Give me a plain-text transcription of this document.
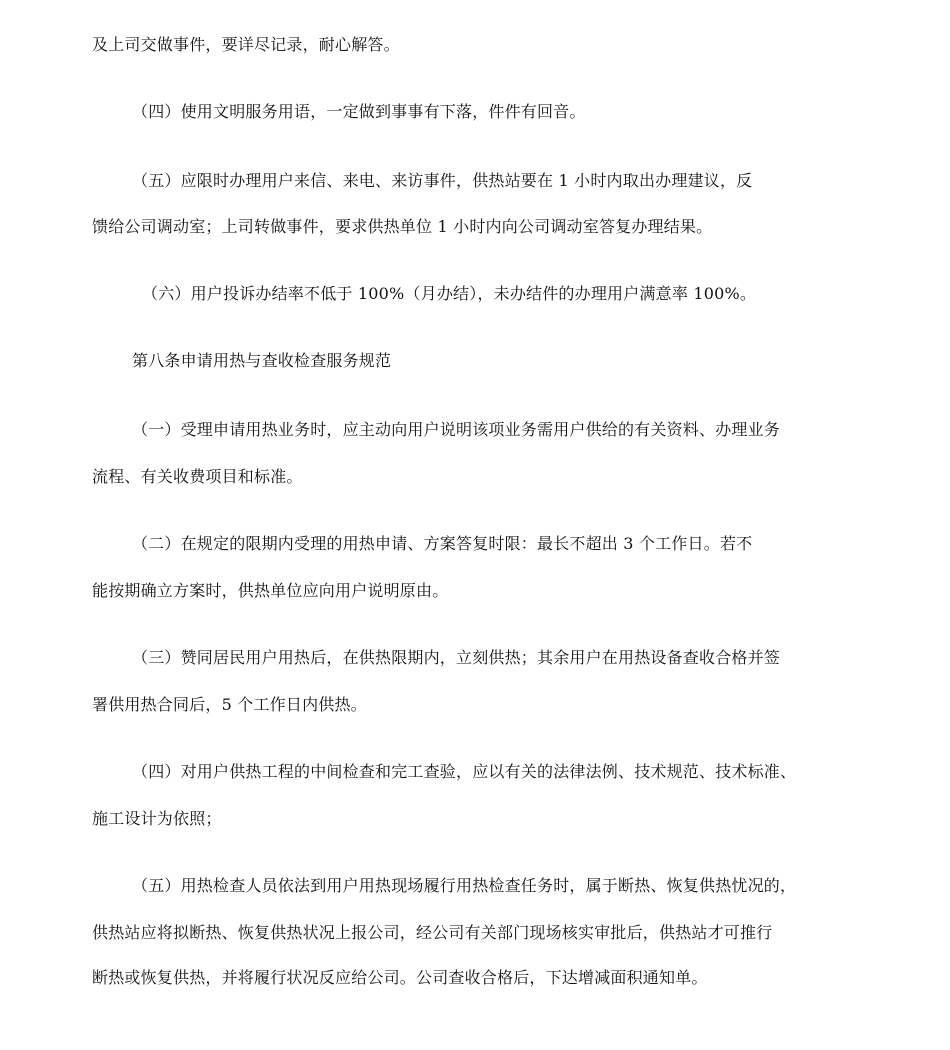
及上司交做事件，要详尽记录，耐心解答。
（四）使用文明服务用语，一定做到事事有下落，件件有回音。
（五）应限时办理用户来信、来电、来访事件，供热站要在 1 小时内取出办理建议，反
馈给公司调动室；上司转做事件，要求供热单位 1 小时内向公司调动室答复办理结果。
（六）用户投诉办结率不低于 100%（月办结），未办结件的办理用户满意率 100%。
第八条申请用热与查收检查服务规范
（一）受理申请用热业务时，应主动向用户说明该项业务需用户供给的有关资料、办理业务
流程、有关收费项目和标准。
（二）在规定的限期内受理的用热申请、方案答复时限：最长不超出 3 个工作日。若不
能按期确立方案时，供热单位应向用户说明原由。
（三）赞同居民用户用热后，在供热限期内，立刻供热；其余用户在用热设备查收合格并签
署供用热合同后，5 个工作日内供热。
（四）对用户供热工程的中间检查和完工查验，应以有关的法律法例、技术规范、技术标准、
施工设计为依照；
（五）用热检查人员依法到用户用热现场履行用热检查任务时，属于断热、恢复供热忧况的，
供热站应将拟断热、恢复供热状况上报公司，经公司有关部门现场核实审批后，供热站才可推行
断热或恢复供热，并将履行状况反应给公司。公司查收合格后，下达增减面积通知单。
